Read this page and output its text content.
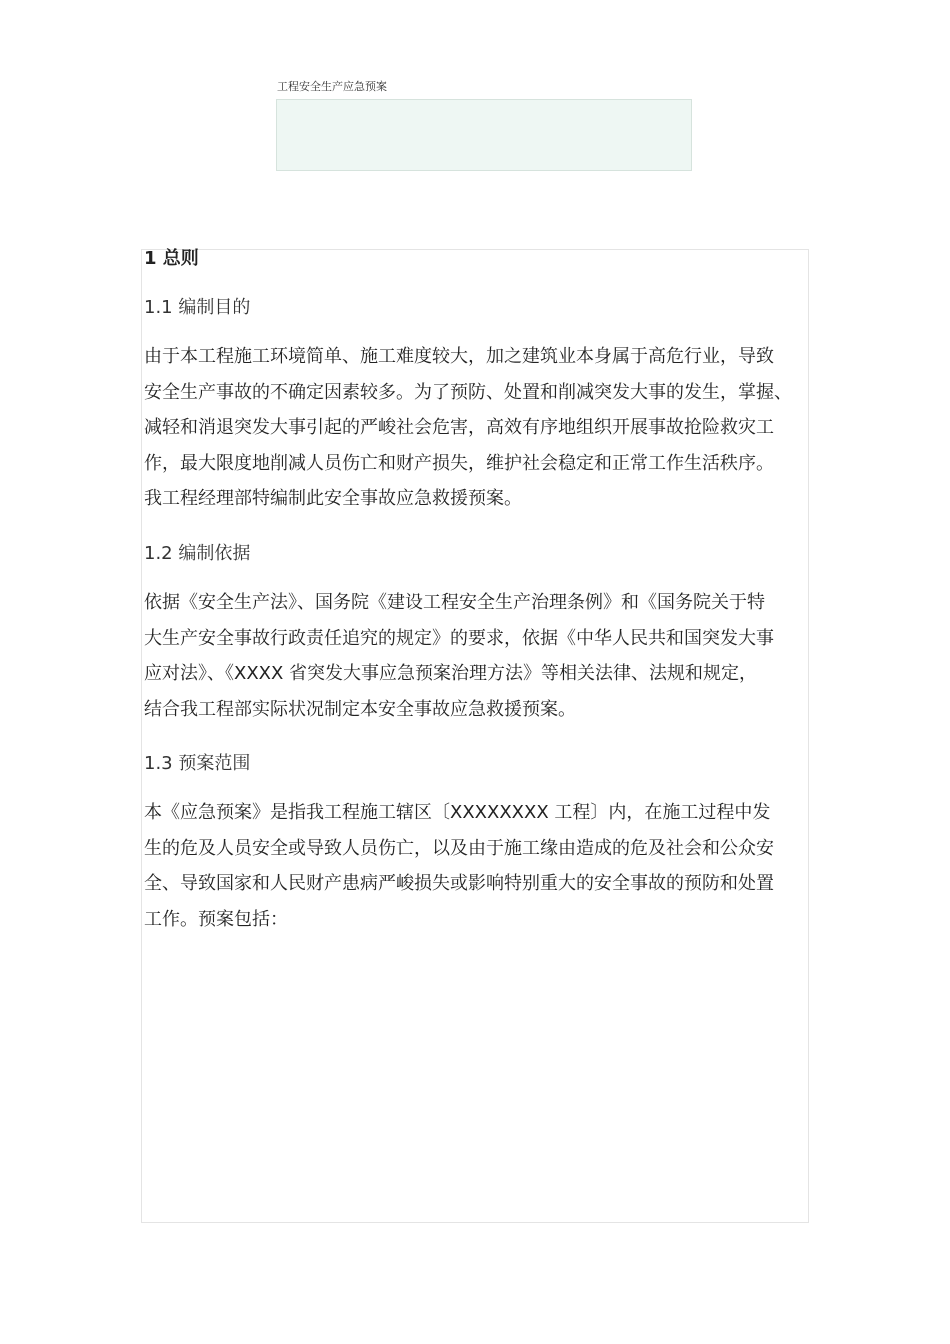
工程安全生产应急预案
1 总则
1.1 编制目的
由于本工程施工环境简单、施工难度较大，加之建筑业本身属于高危行业，导致
安全生产事故的不确定因素较多。为了预防、处置和削减突发大事的发生，掌握、
减轻和消退突发大事引起的严峻社会危害，高效有序地组织开展事故抢险救灾工
作，最大限度地削减人员伤亡和财产损失，维护社会稳定和正常工作生活秩序。
我工程经理部特编制此安全事故应急救援预案。
1.2 编制依据
依据《安全生产法》、国务院《建设工程安全生产治理条例》和《国务院关于特
大生产安全事故行政责任追究的规定》的要求，依据《中华人民共和国突发大事
应对法》、《XXXX 省突发大事应急预案治理方法》等相关法律、法规和规定，
结合我工程部实际状况制定本安全事故应急救援预案。
1.3 预案范围
本《应急预案》是指我工程施工辖区〔XXXXXXXX 工程〕内，在施工过程中发
生的危及人员安全或导致人员伤亡，以及由于施工缘由造成的危及社会和公众安
全、导致国家和人民财产患病严峻损失或影响特别重大的安全事故的预防和处置
工作。预案包括：
